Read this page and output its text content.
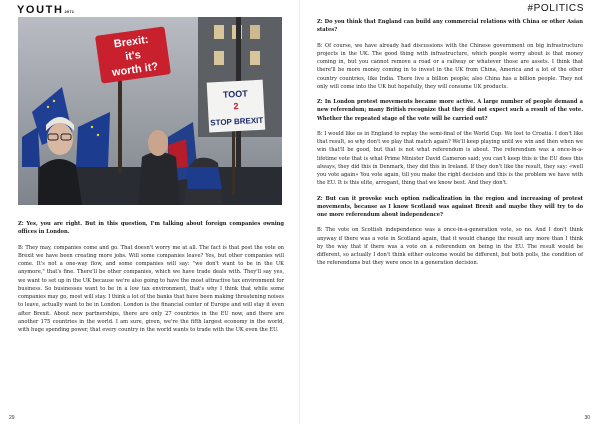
YOUTH2071
Brexit:
it's
worth it?
TOOT
2
STOP BREXIT

Z: Yes, you are right. But in this question, I'm talking about foreign companies owning offices in London.

B: They may, companies come and go. That doesn't worry me at all. The fact is that post the vote on Brexit we have been creating more jobs. Will some companies leave? Yes, but other companies will come. It's not a one-way flow, and some companies will say: "we don't want to be in the UK anymore," that's fine. There'll be other companies, which we have trade deals with. They'll say yes, we want to set up in the UK because we're also going to have the most attractive tax environment for business. So businesses want to be in a low tax environment, that's why I think that while some companies may go, most will stay. I think a lot of the banks that have been making threatening noises to leave, actually want to be in London. London is the financial center of Europe and will stay it even after Brexit. About new partnerships, there are only 27 countries in the EU now, and there are another 175 countries in the world. I am sure, given, we're the fifth largest economy in the world, with huge spending power, that every country in the world wants to trade with the UK even the EU.

29
#POLITICS

Z: Do you think that England can build any commercial relations with China or other Asian states?

B: Of course, we have already had discussions with the Chinese government on big infrastructure projects in the UK. The good thing with infrastructure, which people worry about is that money coming in, but you cannot remove a road or a railway or whatever those are assets. I think that there'll be more money coming in to invest in the UK from China, America and a lot of the other country countries, like India. There live a billion people; also China has a billion people. They not only will come into the UK but hopefully, they will consume UK products.

Z: In London protest movements became more active. A large number of people demand a new referendum; many British recognize that they did not expect such a result of the vote. Whether the repeated stage of the vote will be carried out?

B: I would like us in England to replay the semi-final of the World Cup. We lost to Croatia. I don't like that result, so why don't we play that match again? We'll keep playing until we win and then when we win that'll be good, but that is not what referendum is about. The referendum was a once-in-a-lifetime vote that is what Prime Minister David Cameron said; you can't keep this is the EU does this always, they did this in Denmark, they did this in Ireland. If they don't like the result, they say: «well you vote again» You vote again, till you make the right decision and this is the problem we have with the EU. It is this elite, arrogant, thing that we know best. And they don't.

Z: But can it provoke such option radicalization in the region and increasing of protest movements, because as I know Scotland was against Brexit and maybe they will try to do one more referendum about independence?

B: The vote on Scottish independence was a once-in-a-generation vote, so no. And I don't think anyway if there was a vote in Scotland again, that it would change the result any more than I think by the way that if there was a vote on a referendum on being in the EU. The result would be different, so actually I don't think either outcome would be different, but both polls, the condition of the referendums but they were once in a generation decision.

30
